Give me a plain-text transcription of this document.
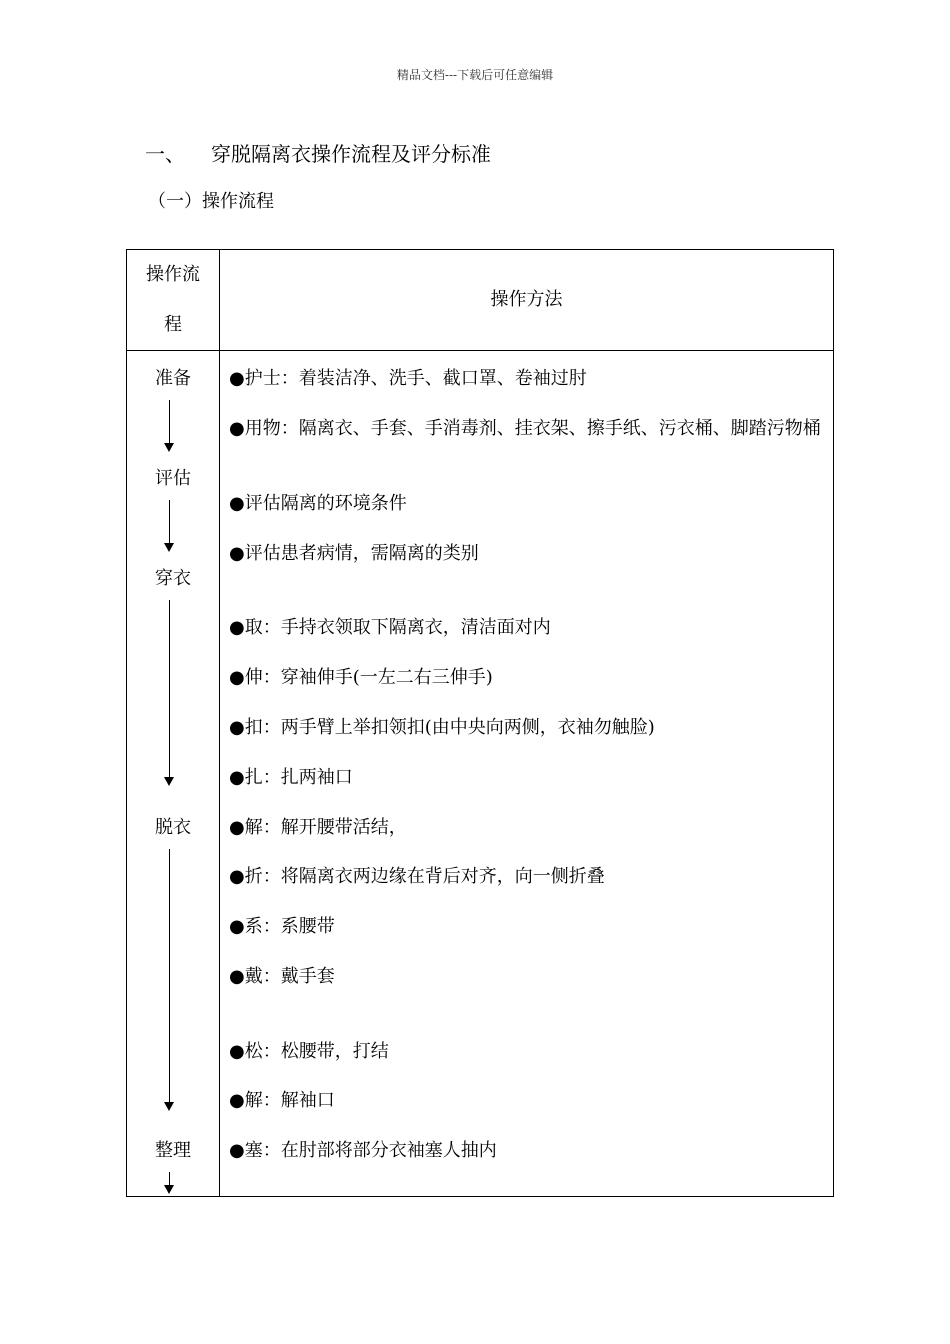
精品文档---下载后可任意编辑
一、 穿脱隔离衣操作流程及评分标准
（一）操作流程
操作流
程
操作方法
准备
评估
穿衣
脱衣
整理
●护士：着装洁净、洗手、截口罩、卷袖过肘
●用物：隔离衣、手套、手消毒剂、挂衣架、擦手纸、污衣桶、脚踏污物桶
●评估隔离的环境条件
●评估患者病情，需隔离的类别
●取：手持衣领取下隔离衣，清洁面对内
●伸：穿袖伸手(一左二右三伸手)
●扣：两手臂上举扣领扣(由中央向两侧，衣袖勿触脸)
●扎：扎两袖口
●解：解开腰带活结，
●折：将隔离衣两边缘在背后对齐，向一侧折叠
●系：系腰带
●戴：戴手套
●松：松腰带，打结
●解：解袖口
●塞：在肘部将部分衣袖塞人抽内
